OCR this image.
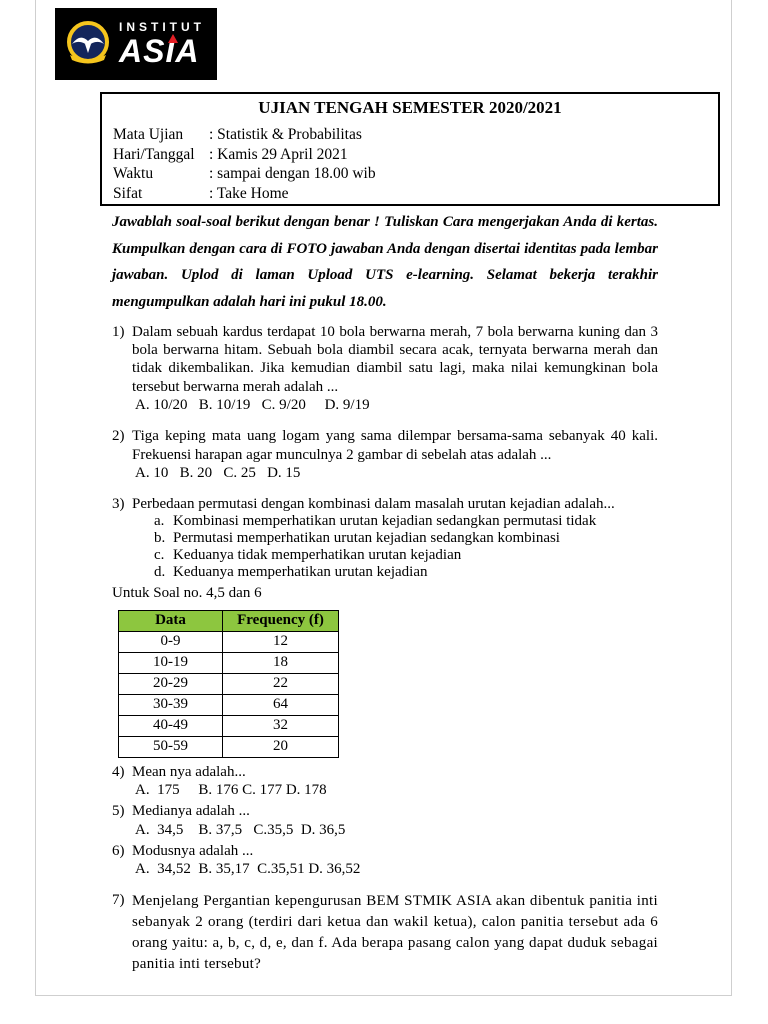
INSTITUT
ASIA
UJIAN TENGAH SEMESTER 2020/2021
Mata Ujian	: Statistik & Probabilitas
Hari/Tanggal : Kamis 29 April 2021
Waktu	: sampai dengan 18.00 wib
Sifat	: Take Home
Jawablah soal-soal berikut dengan benar ! Tuliskan Cara mengerjakan Anda di kertas. Kumpulkan dengan cara di FOTO jawaban Anda dengan disertai identitas pada lembar jawaban. Uplod di laman Upload UTS e-learning. Selamat bekerja terakhir mengumpulkan adalah hari ini pukul 18.00.
1) Dalam sebuah kardus terdapat 10 bola berwarna merah, 7 bola berwarna kuning dan 3 bola berwarna hitam. Sebuah bola diambil secara acak, ternyata berwarna merah dan tidak dikembalikan. Jika kemudian diambil satu lagi, maka nilai kemungkinan bola tersebut berwarna merah adalah ...
A. 10/20   B. 10/19   C. 9/20     D. 9/19
2) Tiga keping mata uang logam yang sama dilempar bersama-sama sebanyak 40 kali. Frekuensi harapan agar munculnya 2 gambar di sebelah atas adalah ...
A. 10   B. 20   C. 25   D. 15
3) Perbedaan permutasi dengan kombinasi dalam masalah urutan kejadian adalah...
a. Kombinasi memperhatikan urutan kejadian sedangkan permutasi tidak
b. Permutasi memperhatikan urutan kejadian sedangkan kombinasi
c. Keduanya tidak memperhatikan urutan kejadian
d. Keduanya memperhatikan urutan kejadian
Untuk Soal no. 4,5 dan 6
Data	Frequency (f)
0-9	12
10-19	18
20-29	22
30-39	64
40-49	32
50-59	20
4) Mean nya adalah...
A.  175     B. 176 C. 177 D. 178
5) Medianya adalah ...
A.  34,5    B. 37,5   C.35,5  D. 36,5
6) Modusnya adalah ...
A.  34,52  B. 35,17  C.35,51 D. 36,52
7) Menjelang Pergantian kepengurusan BEM STMIK ASIA akan dibentuk panitia inti sebanyak 2 orang (terdiri dari ketua dan wakil ketua), calon panitia tersebut ada 6 orang yaitu: a, b, c, d, e, dan f. Ada berapa pasang calon yang dapat duduk sebagai panitia inti tersebut?
